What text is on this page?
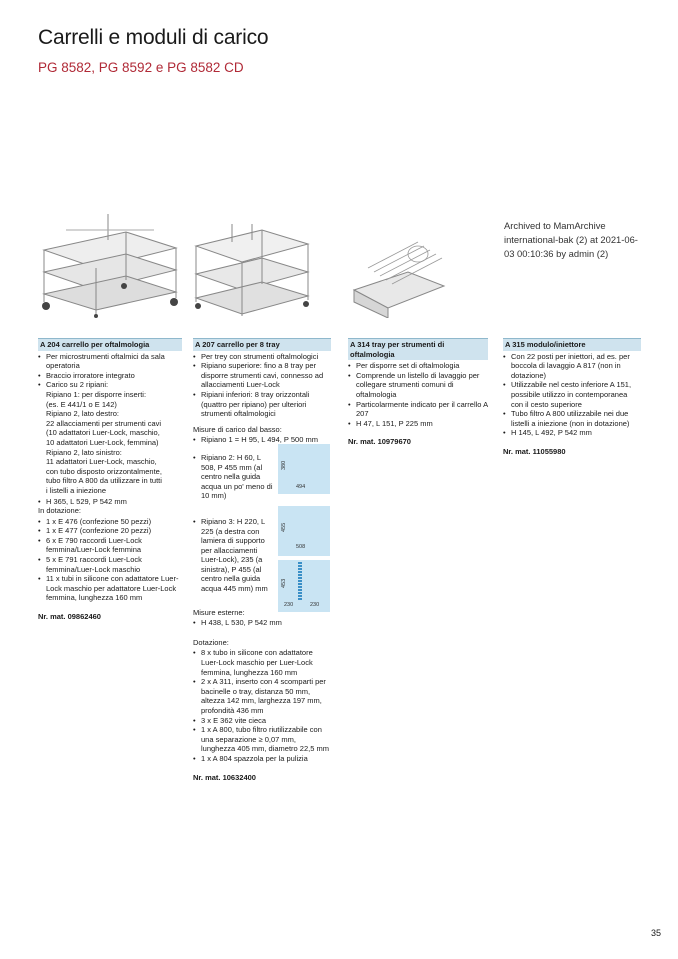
Carrelli e moduli di carico
PG 8582, PG 8592 e PG 8582 CD
Archived to MamArchive international-bak (2) at 2021-06-03 00:10:36 by admin (2)
A 204 carrello per oftalmologia
• Per microstrumenti oftalmici da sala operatoria
• Braccio irroratore integrato
• Carico su 2 ripiani:
Ripiano 1: per disporre inserti:
(es. E 441/1 o E 142)
Ripiano 2, lato destro:
22 allacciamenti per strumenti cavi
(10 adattatori Luer-Lock, maschio,
10 adattatori Luer-Lock, femmina)
Ripiano 2, lato sinistro:
11 adattatori Luer-Lock, maschio,
con tubo disposto orizzontalmente,
tubo filtro A 800 da utilizzare in tutti
i listelli a iniezione
• H 365, L 529, P 542 mm
In dotazione:
• 1 x E 476 (confezione 50 pezzi)
• 1 x E 477 (confezione 20 pezzi)
• 6 x E 790 raccordi Luer-Lock femmina/Luer-Lock femmina
• 5 x E 791 raccordi Luer-Lock femmina/Luer-Lock maschio
• 11 x tubi in silicone con adattatore Luer-Lock maschio per adattatore Luer-Lock femmina, lunghezza 160 mm
Nr. mat. 09862460
A 207 carrello per 8 tray
• Per trey con strumenti oftalmologici
• Ripiano superiore: fino a 8 tray per disporre strumenti cavi, connesso ad allacciamenti Luer-Lock
• Ripiani inferiori: 8 tray orizzontali (quattro per ripiano) per ulteriori strumenti oftalmologici
Misure di carico dal basso:
• Ripiano 1 = H 95, L 494, P 500 mm
• Ripiano 2: H 60, L 508, P 455 mm (al centro nella guida acqua un po' meno di 10 mm)
• Ripiano 3: H 220, L 225 (a destra con lamiera di supporto per allacciamenti Luer-Lock), 235 (a sinistra), P 455 (al centro nella guida acqua 445 mm) mm
Misure esterne:
• H 438, L 530, P 542 mm
Dotazione:
• 8 x tubo in silicone con adattatore Luer-Lock maschio per Luer-Lock femmina, lunghezza 160 mm
• 2 x A 311, inserto con 4 scomparti per bacinelle o tray, distanza 50 mm, altezza 142 mm, larghezza 197 mm, profondità 436 mm
• 3 x E 362 vite cieca
• 1 x A 800, tubo filtro riutilizzabile con una separazione ≥ 0,07 mm, lunghezza 405 mm, diametro 22,5 mm
• 1 x A 804 spazzola per la pulizia
Nr. mat. 10632400
380
494
455
508
453
230	230
A 314 tray per strumenti di oftalmologia
• Per disporre set di oftalmologia
• Comprende un listello di lavaggio per collegare strumenti comuni di oftalmologia
• Particolarmente indicato per il carrello A 207
• H 47, L 151, P 225 mm
Nr. mat. 10979670
A 315 modulo/iniettore
• Con 22 posti per iniettori, ad es. per boccola di lavaggio A 817 (non in dotazione)
• Utilizzabile nel cesto inferiore A 151, possibile utilizzo in contemporanea con il cesto superiore
• Tubo filtro A 800 utilizzabile nei due listelli a iniezione (non in dotazione)
• H 145, L 492, P 542 mm
Nr. mat. 11055980
35
